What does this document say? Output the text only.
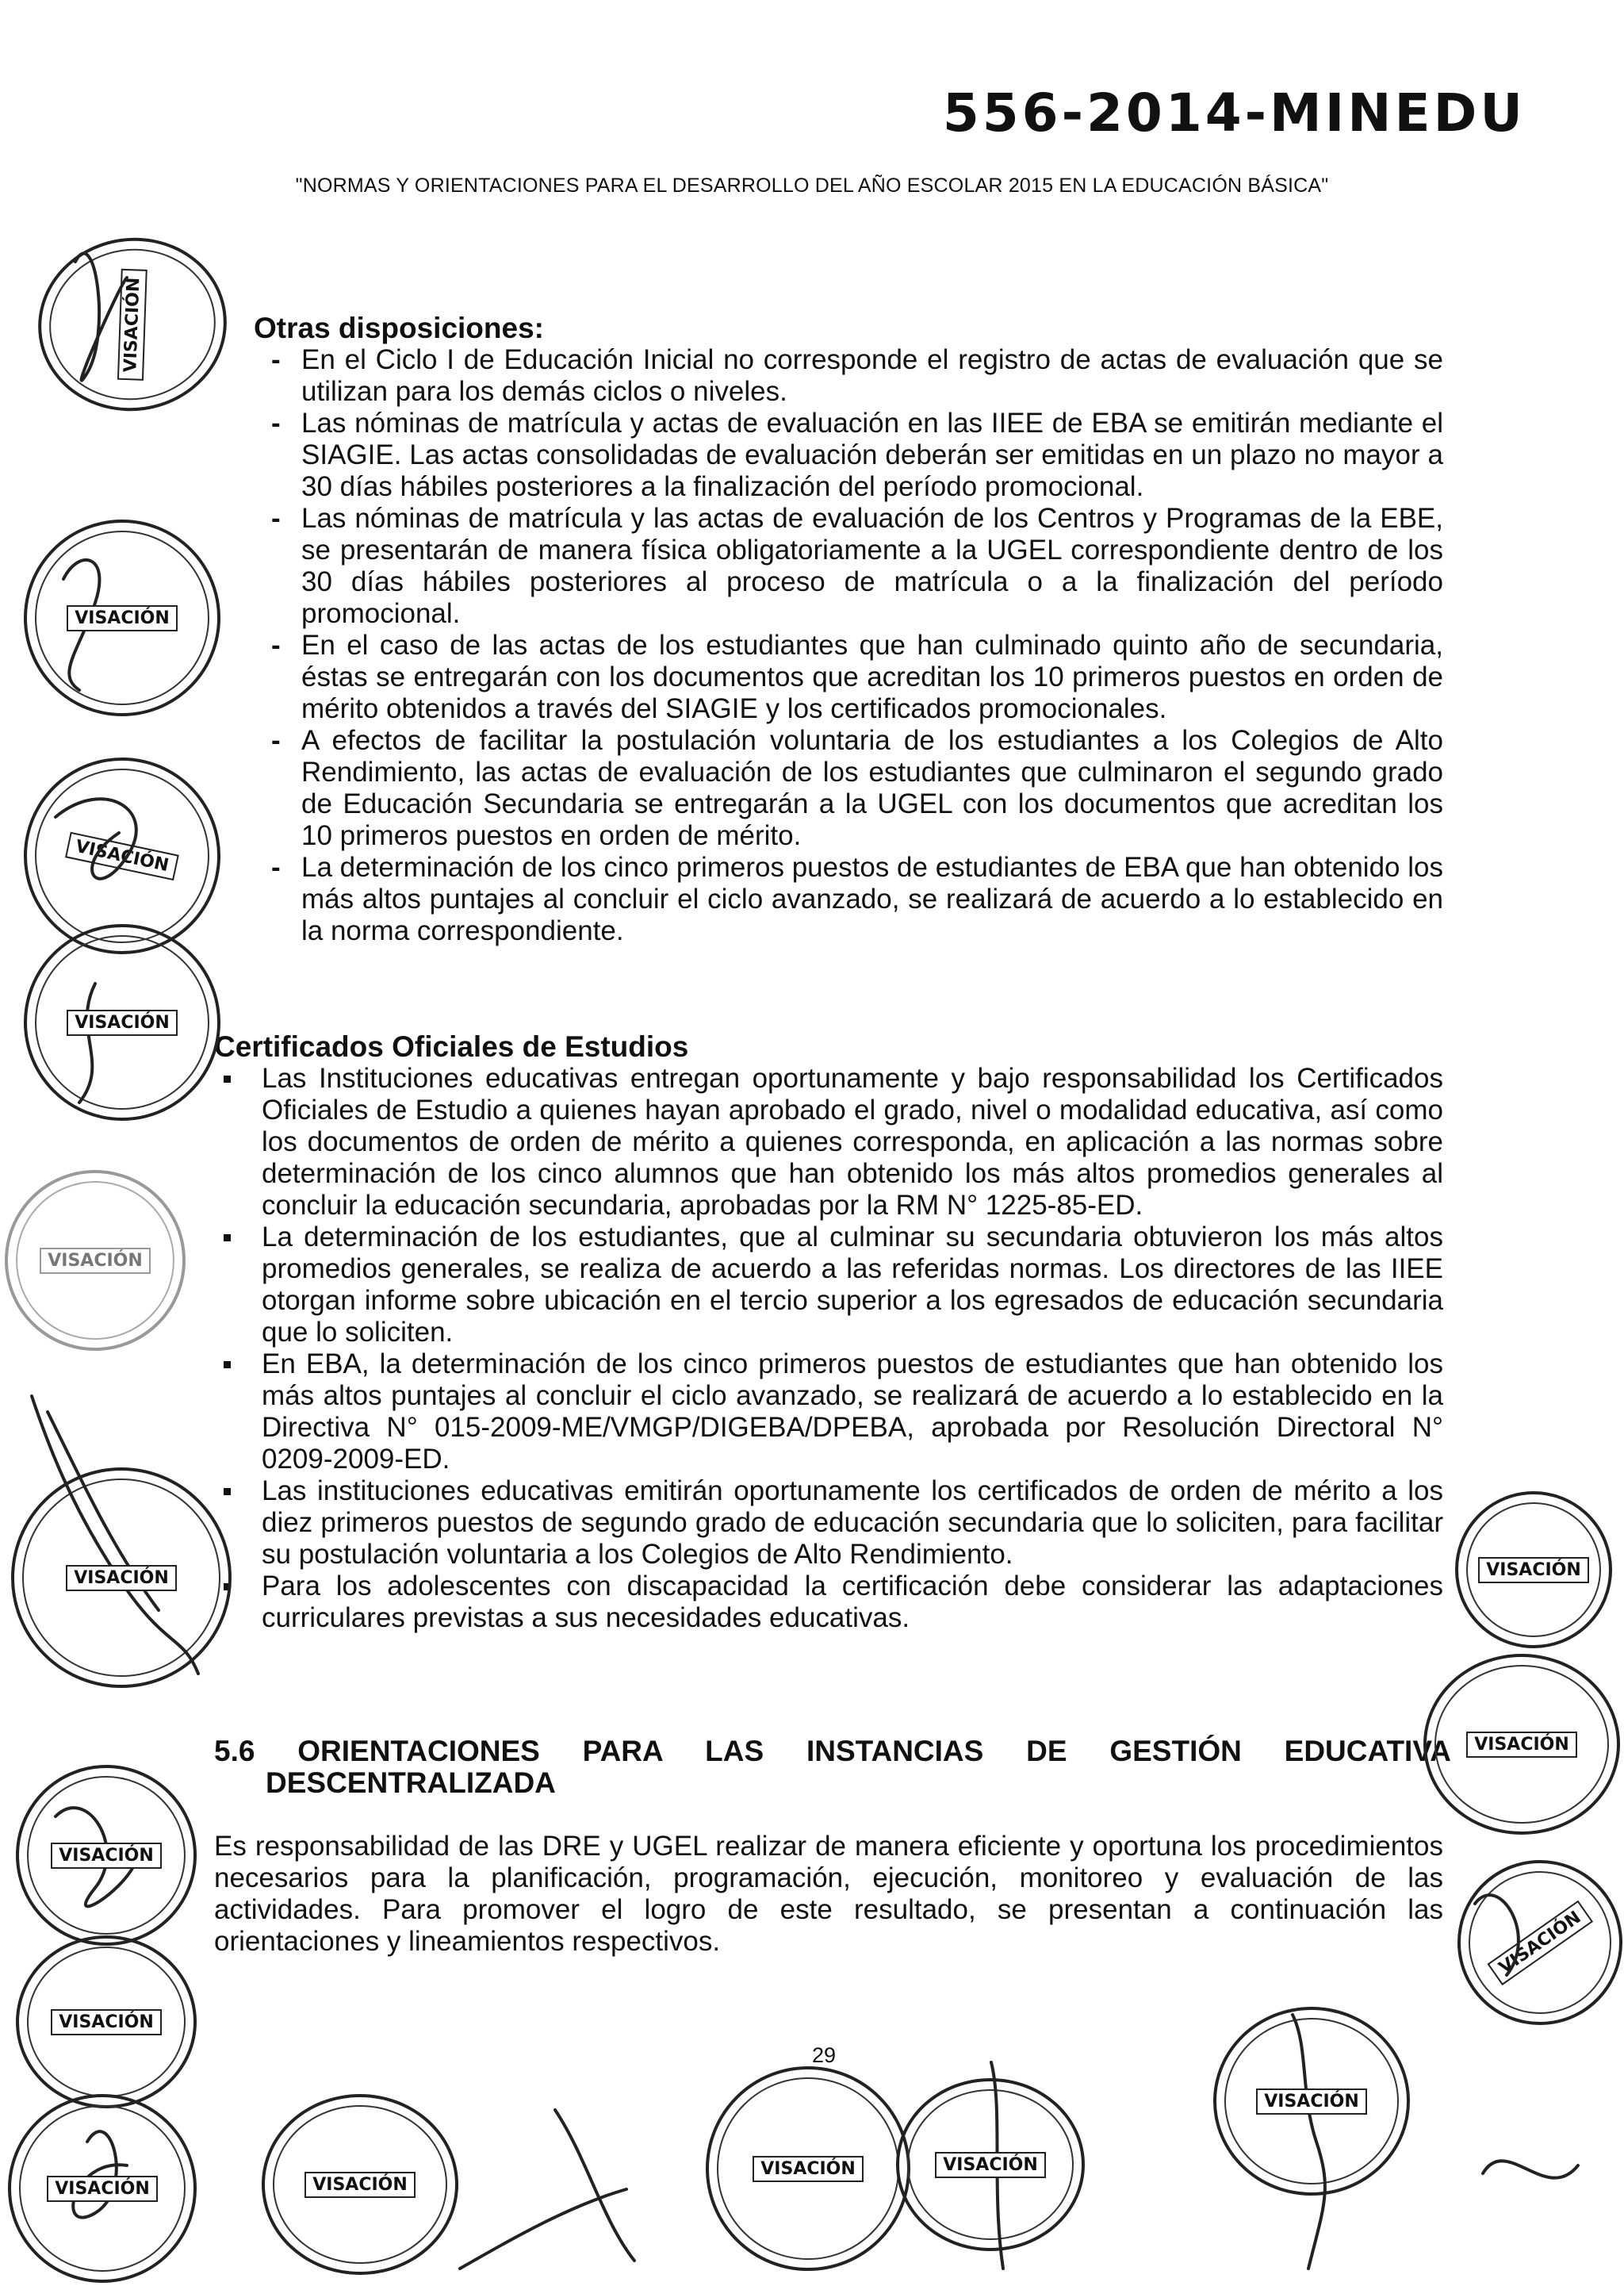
556-2014-MINEDU
"NORMAS Y ORIENTACIONES PARA EL DESARROLLO DEL AÑO ESCOLAR 2015 EN LA EDUCACIÓN BÁSICA"

Otras disposiciones:

- En el Ciclo I de Educación Inicial no corresponde el registro de actas de evaluación que se utilizan para los demás ciclos o niveles.
- Las nóminas de matrícula y actas de evaluación en las IIEE de EBA se emitirán mediante el SIAGIE. Las actas consolidadas de evaluación deberán ser emitidas en un plazo no mayor a 30 días hábiles posteriores a la finalización del período promocional.
- Las nóminas de matrícula y las actas de evaluación de los Centros y Programas de la EBE, se presentarán de manera física obligatoriamente a la UGEL correspondiente dentro de los 30 días hábiles posteriores al proceso de matrícula o a la finalización del período promocional.
- En el caso de las actas de los estudiantes que han culminado quinto año de secundaria, éstas se entregarán con los documentos que acreditan los 10 primeros puestos en orden de mérito obtenidos a través del SIAGIE y los certificados promocionales.
- A efectos de facilitar la postulación voluntaria de los estudiantes a los Colegios de Alto Rendimiento, las actas de evaluación de los estudiantes que culminaron el segundo grado de Educación Secundaria se entregarán a la UGEL con los documentos que acreditan los 10 primeros puestos en orden de mérito.
- La determinación de los cinco primeros puestos de estudiantes de EBA que han obtenido los más altos puntajes al concluir el ciclo avanzado, se realizará de acuerdo a lo establecido en la norma correspondiente.

Certificados Oficiales de Estudios

Las Instituciones educativas entregan oportunamente y bajo responsabilidad los Certificados Oficiales de Estudio a quienes hayan aprobado el grado, nivel o modalidad educativa, así como los documentos de orden de mérito a quienes corresponda, en aplicación a las normas sobre determinación de los cinco alumnos que han obtenido los más altos promedios generales al concluir la educación secundaria, aprobadas por la RM N° 1225-85-ED.
La determinación de los estudiantes, que al culminar su secundaria obtuvieron los más altos promedios generales, se realiza de acuerdo a las referidas normas. Los directores de las IIEE otorgan informe sobre ubicación en el tercio superior a los egresados de educación secundaria que lo soliciten.
En EBA, la determinación de los cinco primeros puestos de estudiantes que han obtenido los más altos puntajes al concluir el ciclo avanzado, se realizará de acuerdo a lo establecido en la Directiva N° 015-2009-ME/VMGP/DIGEBA/DPEBA, aprobada por Resolución Directoral N° 0209-2009-ED.
Las instituciones educativas emitirán oportunamente los certificados de orden de mérito a los diez primeros puestos de segundo grado de educación secundaria que lo soliciten, para facilitar su postulación voluntaria a los Colegios de Alto Rendimiento.
Para los adolescentes con discapacidad la certificación debe considerar las adaptaciones curriculares previstas a sus necesidades educativas.

5.6 ORIENTACIONES PARA LAS INSTANCIAS DE GESTIÓN EDUCATIVA

DESCENTRALIZADA

Es responsabilidad de las DRE y UGEL realizar de manera eficiente y oportuna los procedimientos necesarios para la planificación, programación, ejecución, monitoreo y evaluación de las actividades. Para promover el logro de este resultado, se presentan a continuación las orientaciones y lineamientos respectivos.

29
VISACIÓN
VISACIÓN
VISACIÓN
VISACIÓN
VISACIÓN
VISACIÓN
VISACIÓN
VISACIÓN
VISACIÓN
VISACIÓN
VISACIÓN
VISACIÓN
VISACIÓN
VISACIÓN	VISACIÓN
VISACIÓN
